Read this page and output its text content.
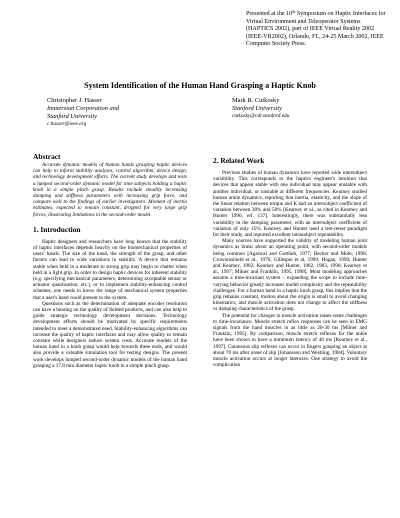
Presented at the 10th Symposium on Haptic Interfaces for
Virtual Environment and Teleoperator Systems
(HAPTICS 2002), part of IEEE Virtual Reality 2002
(IEEE-VR2002), Orlando, FL, 24-25 March 2002, IEEE
Computer Society Press.
System Identification of the Human Hand Grasping a Haptic Knob
Christopher J. Hasser
Immersion Corporation and
Stanford University
c.hasser@ieee.org
Mark R. Cutkosky
Stanford University
cutkosky@cdr.stanford.edu
Abstract

Accurate dynamic models of human hands grasping haptic devices can help to inform stability analyses, control algorithm, device design, and technology development efforts. The current study develops and tests a lumped second-order dynamic model for nine subjects holding a haptic knob in a simple pinch grasp. Results include steadily increasing damping and stiffness parameters with increasing grip force, and compare well to the findings of earlier investigators. Moment of inertia estimates, expected to remain constant, dropped for very large grip forces, illustrating limitations in the second-order model.

1. Introduction

Haptic designers and researchers have long known that the stability of haptic interfaces depends heavily on the biomechanical properties of users' hands. The size of the hand, the strength of the grasp, and other factors can lead to wide variations in stability. A device that remains stable when held in a moderate to strong grip may begin to chatter when held in a light grip. In order to design haptic devices for inherent stability (e.g. specifying mechanical parameters, determining acceptable sensor or actuator quantization, etc.), or to implement stability-enhancing control schemes, one needs to know the range of mechanical system properties that a user's hand could present to the system.

Questions such as the determination of adequate encoder resolution can have a bearing on the quality of fielded products, and can also help to guide strategic technology development decisions. Technology development efforts should be motivated by specific requirements intended to meet a demonstrated need. Stability-enhancing algorithms can increase the quality of haptic interfaces and may allow quality to remain constant while designers reduce system costs. Accurate models of the human hand in a knob grasp would help towards these ends, and would also provide a valuable simulation tool for testing designs. The present work develops lumped second-order dynamic models of the human hand grasping a 17.8 mm diameter haptic knob in a simple pinch grasp.

2. Related Work

Previous studies of human dynamics have reported wide intersubject variability. This corresponds to the haptics engineer's intuition that devices that appear stable with one individual may appear unstable with another individual, or unstable at different frequencies. Kearney studied human ankle dynamics, reporting that inertia, elasticity, and the slope of the linear relation between torque and K had an intersubject coefficient of variation between 30% and 50% [Kearney et al., as cited in Kearney and Hunter 1990, ref. 137]. Interestingly, there was substantially less variability in the damping parameter, with an intersubject coefficient of variation of only 15%. Kearney and Hunter used a test-retest paradigm for their study, and reported excellent intrasubject repeatability.

Many sources have supported the validity of modeling human joint dynamics as linear about an operating point, with second-order models being common [Agarwal and Gottlieb, 1977; Becker and Mote, 1990; Crowninshield et al., 1976; Gillespie et al, 1999; Hogan, 1990; Hunter and Kearney, 1982; Kearney and Hunter, 1982, 1983, 1990; Kearney et al., 1997; Milner and Franklin, 1995, 1998]. Most modeling approaches assume a time-invariant system – expanding the scope to include time-varying behavior greatly increases model complexity and the repeatability challenges. For a human hand in a haptic knob grasp, this implies that the grip remains constant, motion about the origin is small to avoid changing kinematics, and muscle activation does not change to affect the stiffness or damping characteristics of the grasp.

The potential for changes in muscle activation raises some challenges to time-invariance. Muscle stretch reflex responses can be seen in EMG signals from the hand muscles in as little as 20-30 ms [Milner and Franklin, 1995]. By comparison, muscle stretch reflexes for the ankle have been shown to have a minimum latency of 40 ms [Kearney et al., 1997]. Cutaneous slip reflexes can occur in fingers grasping an object at about 70 ms after onset of slip [Johansson and Westling, 1984]. Voluntary muscle activation occurs at longer latencies. One strategy to avoid the complication
